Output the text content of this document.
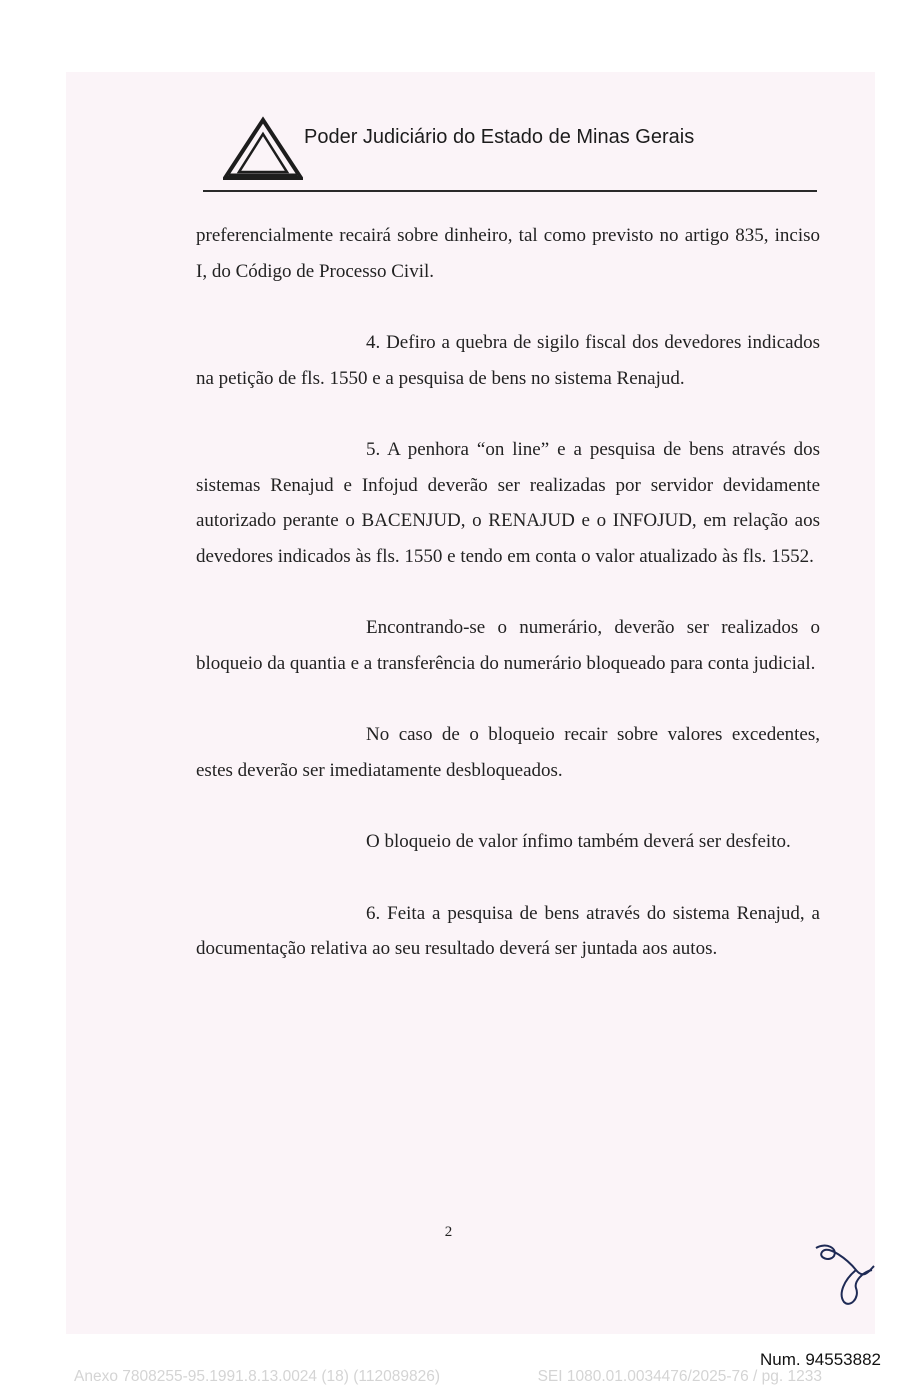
Poder Judiciário do Estado de Minas Gerais

preferencialmente recairá sobre dinheiro, tal como previsto no artigo 835, inciso I, do Código de Processo Civil.

4. Defiro a quebra de sigilo fiscal dos devedores indicados na petição de fls. 1550 e a pesquisa de bens no sistema Renajud.

5. A penhora “on line” e a pesquisa de bens através dos sistemas Renajud e Infojud deverão ser realizadas por servidor devidamente autorizado perante o BACENJUD, o RENAJUD e o INFOJUD, em relação aos devedores indicados às fls. 1550 e tendo em conta o valor atualizado às fls. 1552.

Encontrando-se o numerário, deverão ser realizados o bloqueio da quantia e a transferência do numerário bloqueado para conta judicial.

No caso de o bloqueio recair sobre valores excedentes, estes deverão ser imediatamente desbloqueados.

O bloqueio de valor ínfimo também deverá ser desfeito.

6. Feita a pesquisa de bens através do sistema Renajud, a documentação relativa ao seu resultado deverá ser juntada aos autos.

2
Num. 94553882
Anexo 7808255-95.1991.8.13.0024 (18) (112089826)	SEI 1080.01.0034476/2025-76 / pg. 1233
